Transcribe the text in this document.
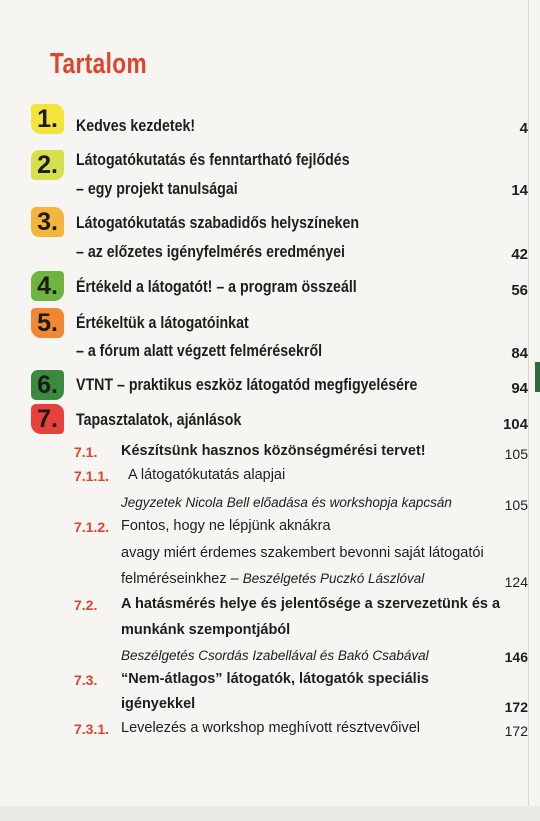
Tartalom
1.	Kedves kezdetek!	4
2.	Látogatókutatás és fenntartható fejlődés
– egy projekt tanulságai	14
3.	Látogatókutatás szabadidős helyszíneken
– az előzetes igényfelmérés eredményei	42
4.	Értékeld a látogatót! – a program összeáll	56
5.	Értékeltük a látogatóinkat
– a fórum alatt végzett felmérésekről	84
6.	VTNT – praktikus eszköz látogatód megfigyelésére	94
7.	Tapasztalatok, ajánlások	104
7.1. Készítsünk hasznos közönségmérési tervet!	105
7.1.1. A látogatókutatás alapjai
Jegyzetek Nicola Bell előadása és workshopja kapcsán	105
7.1.2. Fontos, hogy ne lépjünk aknákra
avagy miért érdemes szakembert bevonni saját látogatói
felméréseinkhez – Beszélgetés Puczkó Lászlóval	124
7.2. A hatásmérés helye és jelentősége a szervezetünk és a
munkánk szempontjából
Beszélgetés Csordás Izabellával és Bakó Csabával	146
7.3. “Nem-átlagos” látogatók, látogatók speciális
igényekkel	172
7.3.1. Levelezés a workshop meghívott résztvevőivel	172
